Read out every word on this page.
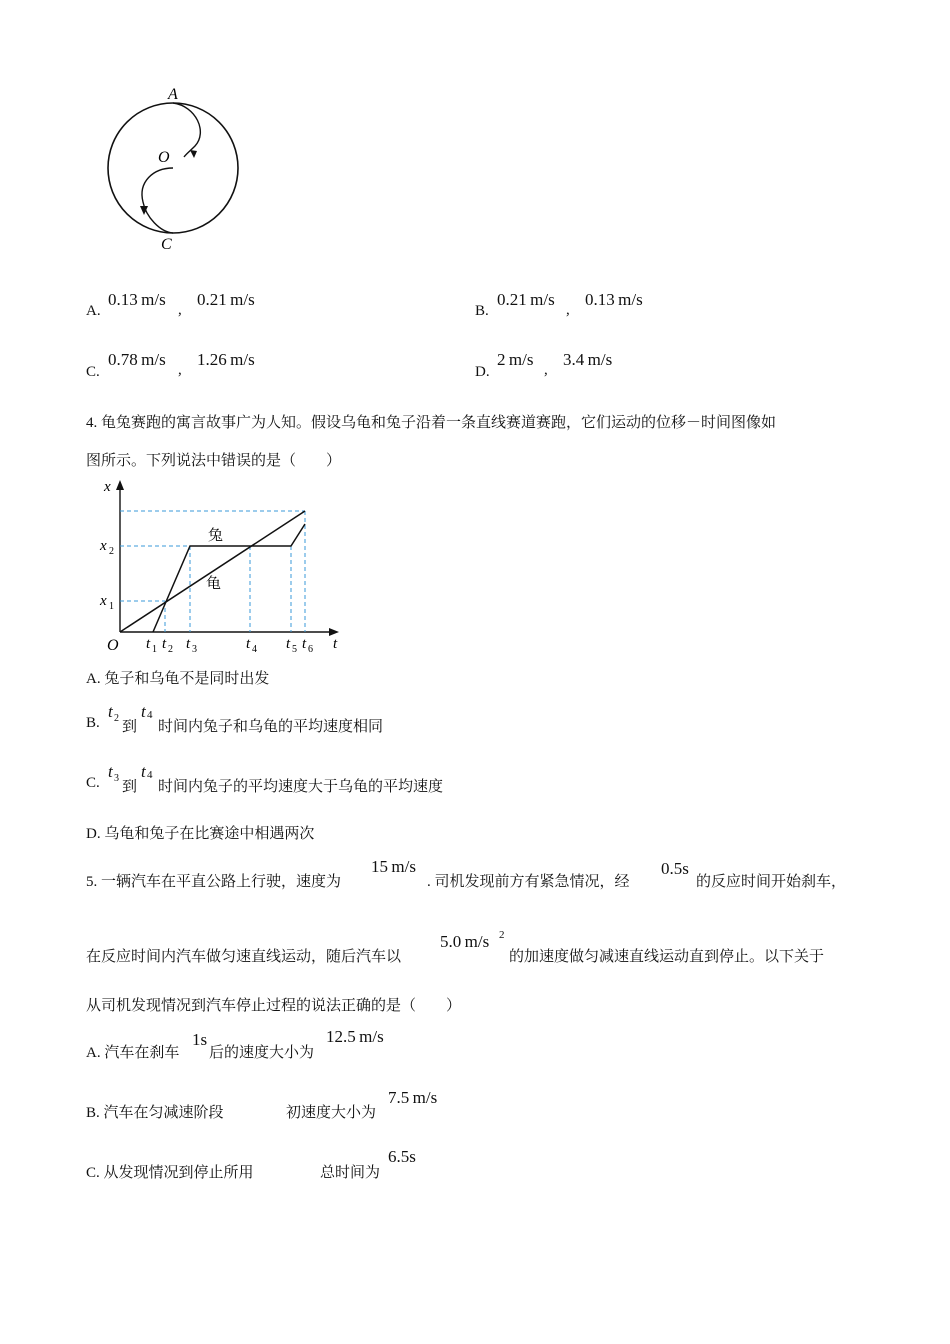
A
O
C
A.
0.13 m/s
,
0.21 m/s
B.
0.21 m/s
,
0.13 m/s
C.
0.78 m/s
,
1.26 m/s
D.
2 m/s
,
3.4 m/s
4. 龟兔赛跑的寓言故事广为人知。假设乌龟和兔子沿着一条直线赛道赛跑，它们运动的位移－时间图像如
图所示。下列说法中错误的是（　　）
x
t
O
x 2
x 1
t 1 t 2 t 3	t 4 t 5 t 6
兔
龟
A. 兔子和乌龟不是同时出发
B.
t 2
到
t 4
时间内兔子和乌龟的平均速度相同
C.
t 3
到
t 4
时间内兔子的平均速度大于乌龟的平均速度
D. 乌龟和兔子在比赛途中相遇两次
5. 一辆汽车在平直公路上行驶，速度为
15 m/s
. 司机发现前方有紧急情况，经
0.5s
的反应时间开始刹车，
在反应时间内汽车做匀速直线运动，随后汽车以
5.0 m/s 2
的加速度做匀减速直线运动直到停止。以下关于
从司机发现情况到汽车停止过程的说法正确的是（　　）
A. 汽车在刹车
1s
后的速度大小为
12.5 m/s
B. 汽车在匀减速阶段	初速度大小为
7.5 m/s
C. 从发现情况到停止所用	总时间为
6.5s
